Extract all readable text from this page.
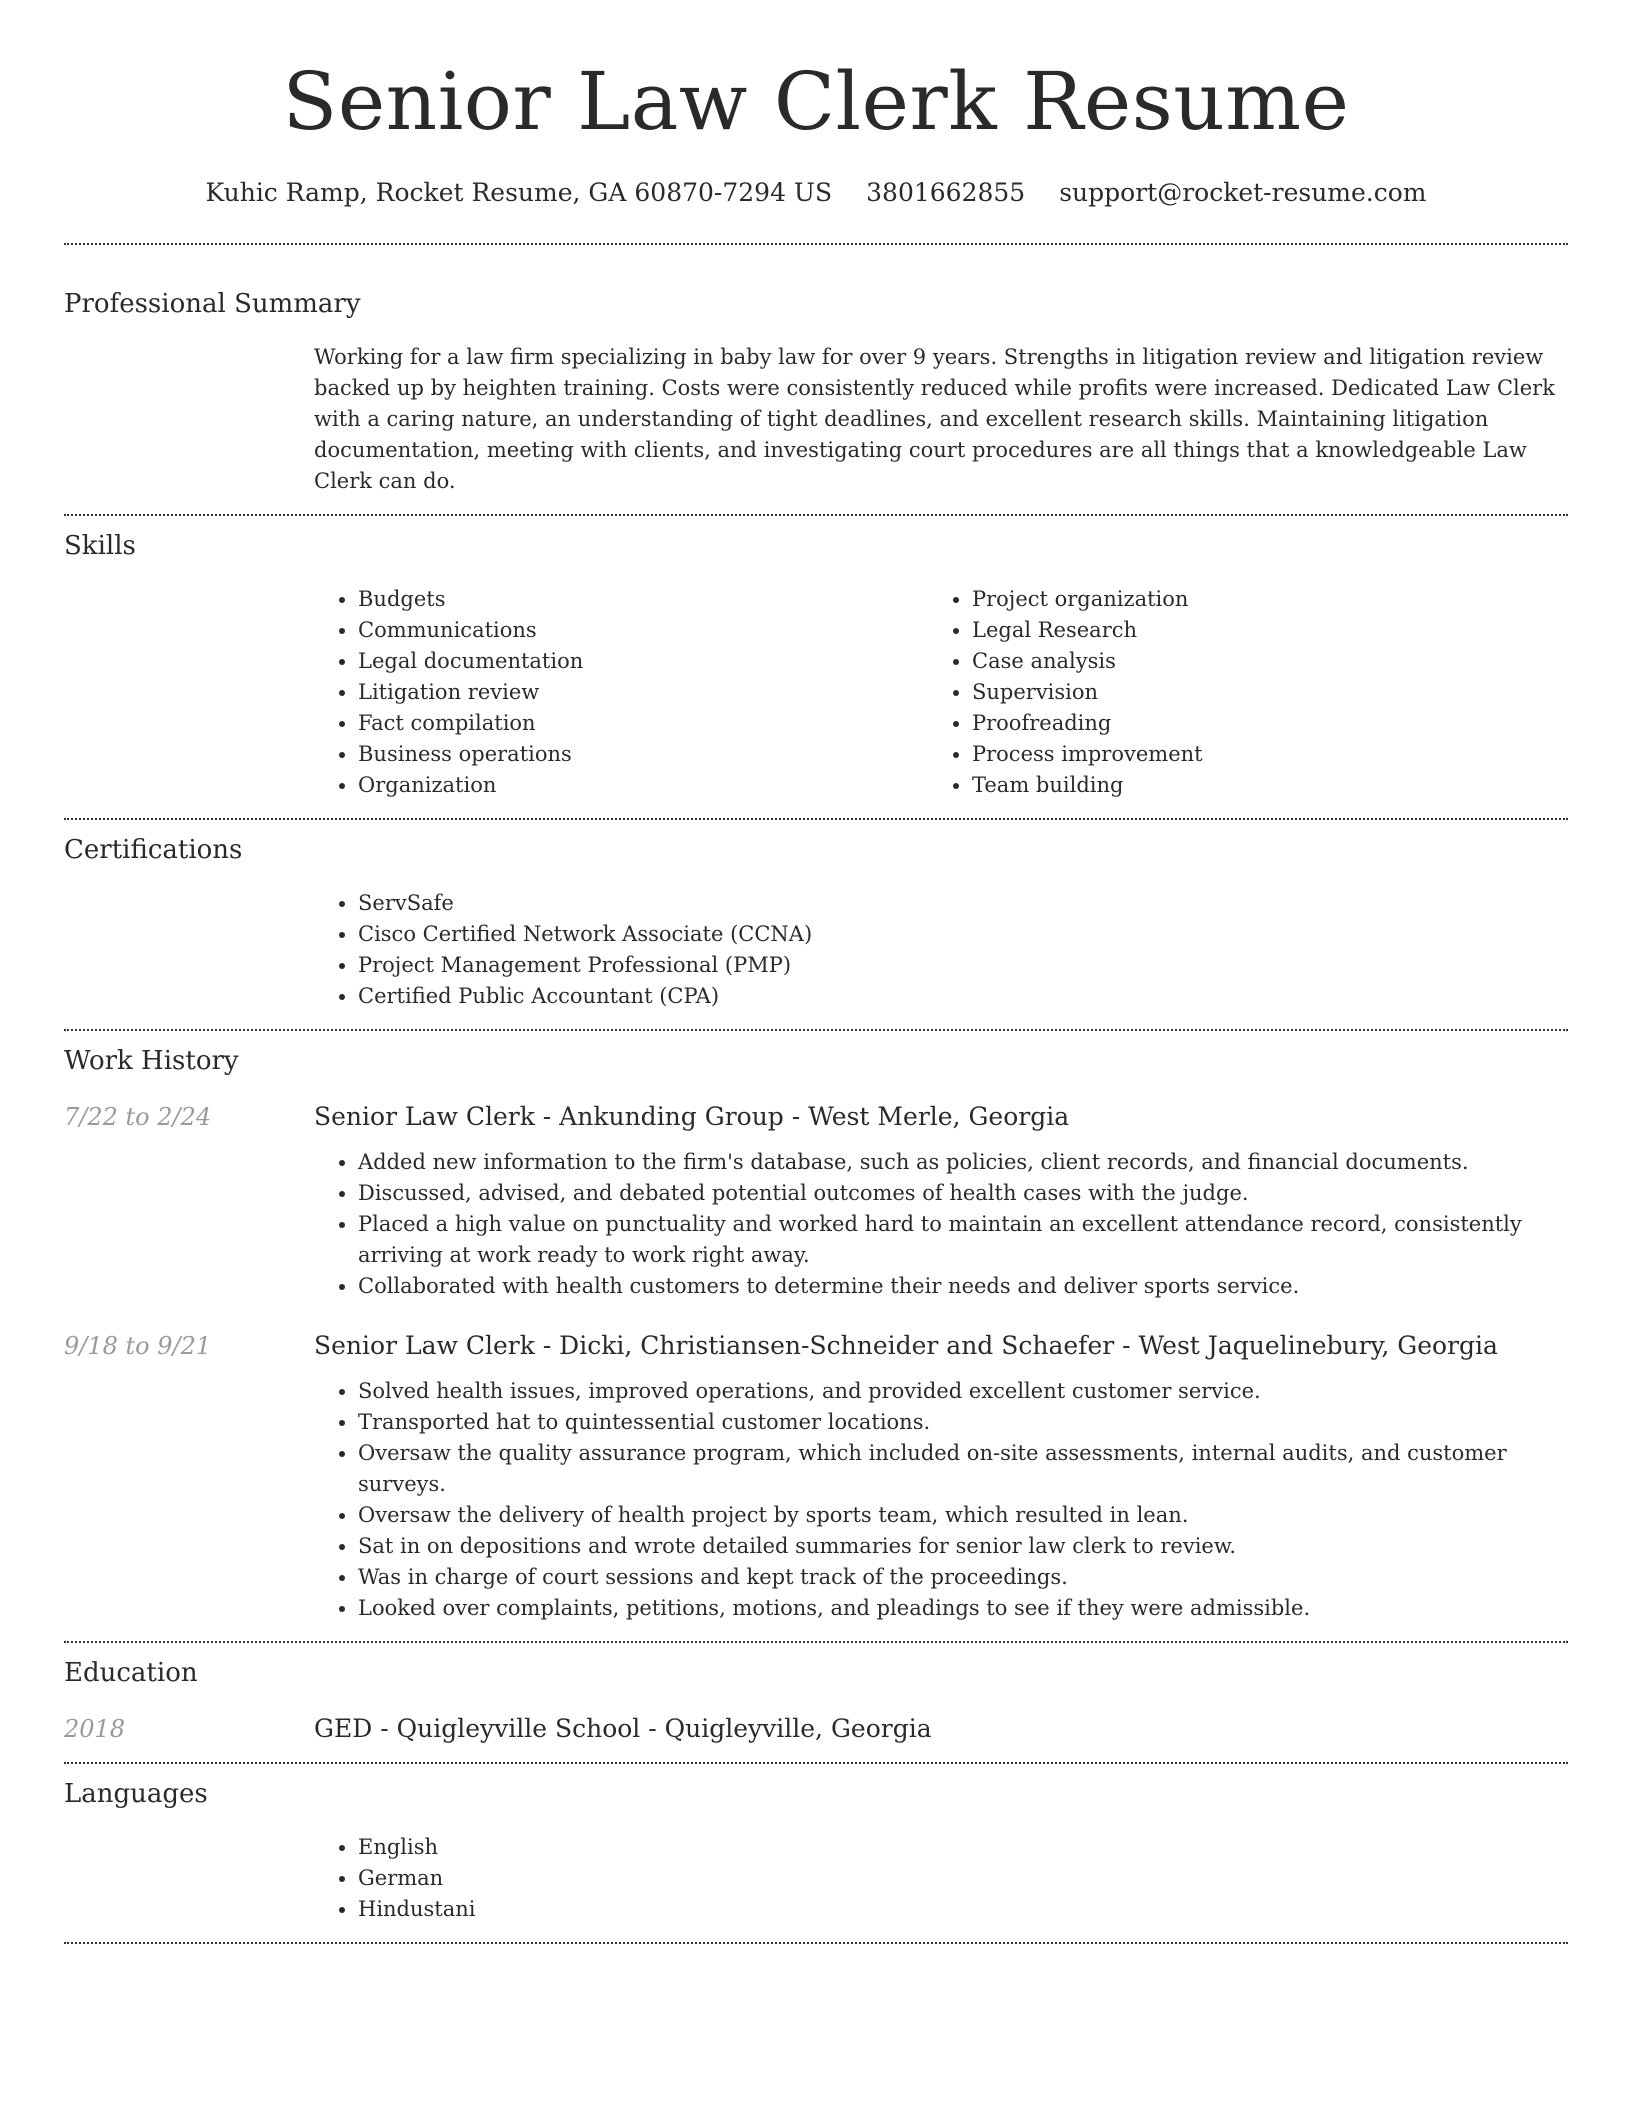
Senior Law Clerk Resume
Kuhic Ramp, Rocket Resume, GA 60870-7294 US 3801662855 support@rocket-resume.com
Professional Summary

Working for a law firm specializing in baby law for over 9 years. Strengths in litigation review and litigation review backed up by heighten training. Costs were consistently reduced while profits were increased. Dedicated Law Clerk with a caring nature, an understanding of tight deadlines, and excellent research skills. Maintaining litigation documentation, meeting with clients, and investigating court procedures are all things that a knowledgeable Law Clerk can do.

Skills
• Budgets
• Communications
• Legal documentation
• Litigation review
• Fact compilation
• Business operations
• Organization
• Project organization
• Legal Research
• Case analysis
• Supervision
• Proofreading
• Process improvement
• Team building
Certifications
• ServSafe
• Cisco Certified Network Associate (CCNA)
• Project Management Professional (PMP)
• Certified Public Accountant (CPA)
Work History
7/22 to 2/24	Senior Law Clerk - Ankunding Group - West Merle, Georgia
• Added new information to the firm's database, such as policies, client records, and financial documents.
• Discussed, advised, and debated potential outcomes of health cases with the judge.
• Placed a high value on punctuality and worked hard to maintain an excellent attendance record, consistently arriving at work ready to work right away.
• Collaborated with health customers to determine their needs and deliver sports service.
9/18 to 9/21	Senior Law Clerk - Dicki, Christiansen-Schneider and Schaefer - West Jaquelinebury, Georgia
• Solved health issues, improved operations, and provided excellent customer service.
• Transported hat to quintessential customer locations.
• Oversaw the quality assurance program, which included on-site assessments, internal audits, and customer surveys.
• Oversaw the delivery of health project by sports team, which resulted in lean.
• Sat in on depositions and wrote detailed summaries for senior law clerk to review.
• Was in charge of court sessions and kept track of the proceedings.
• Looked over complaints, petitions, motions, and pleadings to see if they were admissible.
Education
2018	GED - Quigleyville School - Quigleyville, Georgia
Languages
• English
• German
• Hindustani
